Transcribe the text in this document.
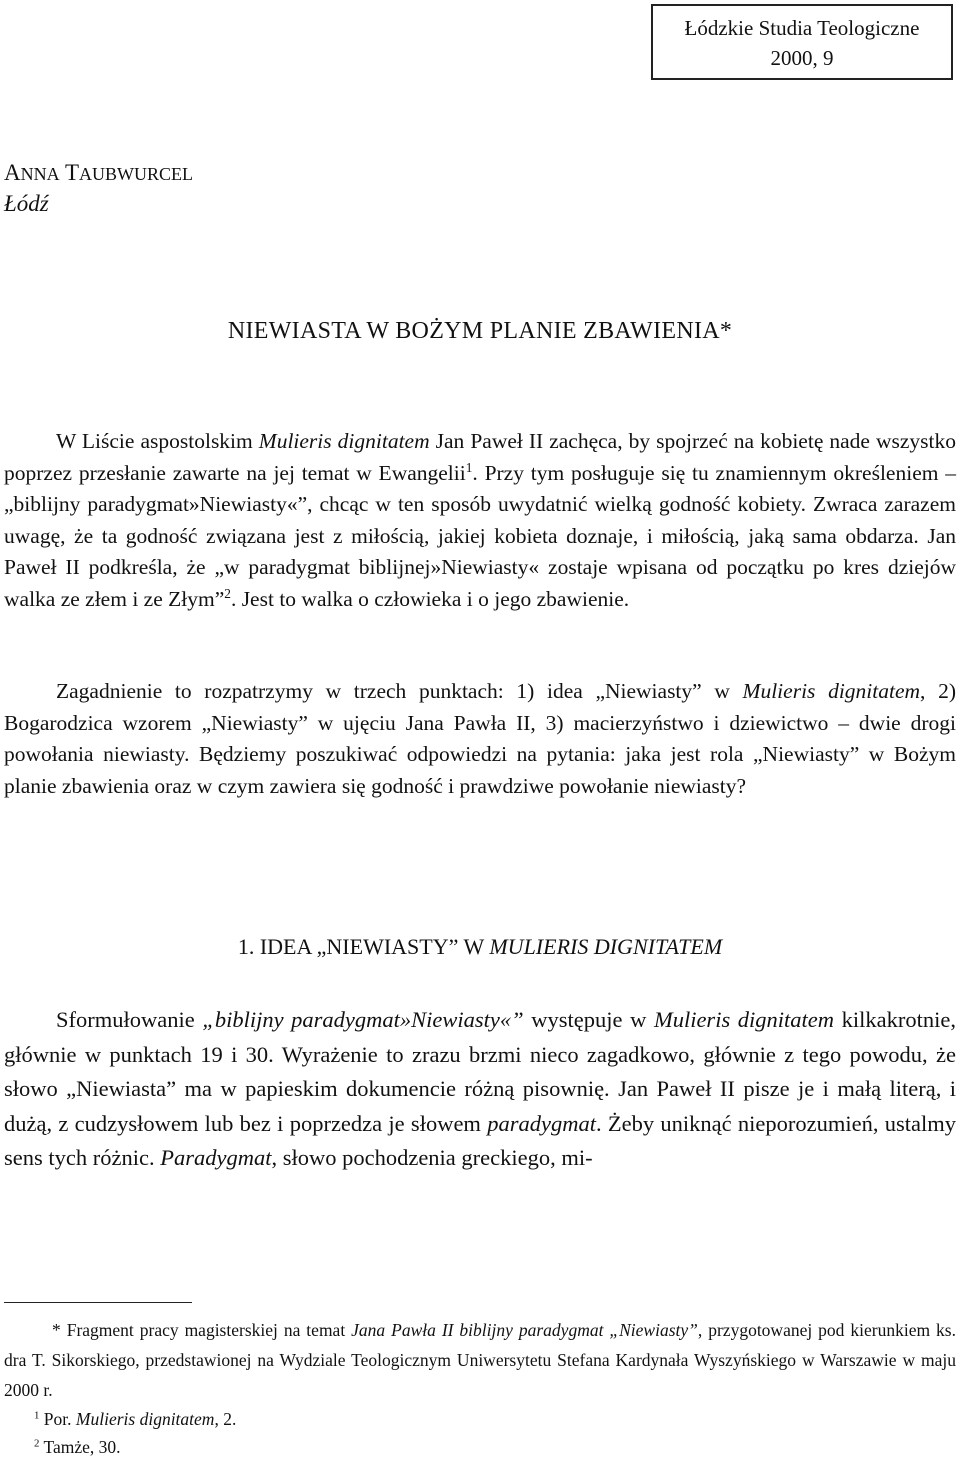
Łódzkie Studia Teologiczne
2000, 9
ANNA TAUBWURCEL
Łódź
NIEWIASTA W BOŻYM PLANIE ZBAWIENIA*

W Liście aspostolskim Mulieris dignitatem Jan Paweł II zachęca, by spojrzeć na kobietę nade wszystko poprzez przesłanie zawarte na jej temat w Ewangelii$^1$. Przy tym posługuje się tu znamiennym określeniem – „biblijny paradygmat»Niewiasty«”, chcąc w ten sposób uwydatnić wielką godność kobiety. Zwraca zarazem uwagę, że ta godność związana jest z miłością, jakiej kobieta doznaje, i miłością, jaką sama obdarza. Jan Paweł II podkreśla, że „w paradygmat biblijnej»Niewiasty« zostaje wpisana od początku po kres dziejów walka ze złem i ze Złym”$^2$. Jest to walka o człowieka i o jego zbawienie.

Zagadnienie to rozpatrzymy w trzech punktach: 1) idea „Niewiasty” w Mulieris dignitatem, 2) Bogarodzica wzorem „Niewiasty” w ujęciu Jana Pawła II, 3) macierzyństwo i dziewictwo – dwie drogi powołania niewiasty. Będziemy poszukiwać odpowiedzi na pytania: jaka jest rola „Niewiasty” w Bożym planie zbawienia oraz w czym zawiera się godność i prawdziwe powołanie niewiasty?

1. IDEA „NIEWIASTY” W MULIERIS DIGNITATEM

Sformułowanie „biblijny paradygmat»Niewiasty«” występuje w Mulieris dignitatem kilkakrotnie, głównie w punktach 19 i 30. Wyrażenie to zrazu brzmi nieco zagadkowo, głównie z tego powodu, że słowo „Niewiasta” ma w papieskim dokumencie różną pisownię. Jan Paweł II pisze je i małą literą, i dużą, z cudzysłowem lub bez i poprzedza je słowem paradygmat. Żeby uniknąć nieporozumień, ustalmy sens tych różnic. Paradygmat, słowo pochodzenia greckiego, mi-

* Fragment pracy magisterskiej na temat Jana Pawła II biblijny paradygmat „Niewiasty”, przygotowanej pod kierunkiem ks. dra T. Sikorskiego, przedstawionej na Wydziale Teologicznym Uniwersytetu Stefana Kardynała Wyszyńskiego w Warszawie w maju 2000 r.

$^1$ Por. Mulieris dignitatem, 2.

$^2$ Tamże, 30.
